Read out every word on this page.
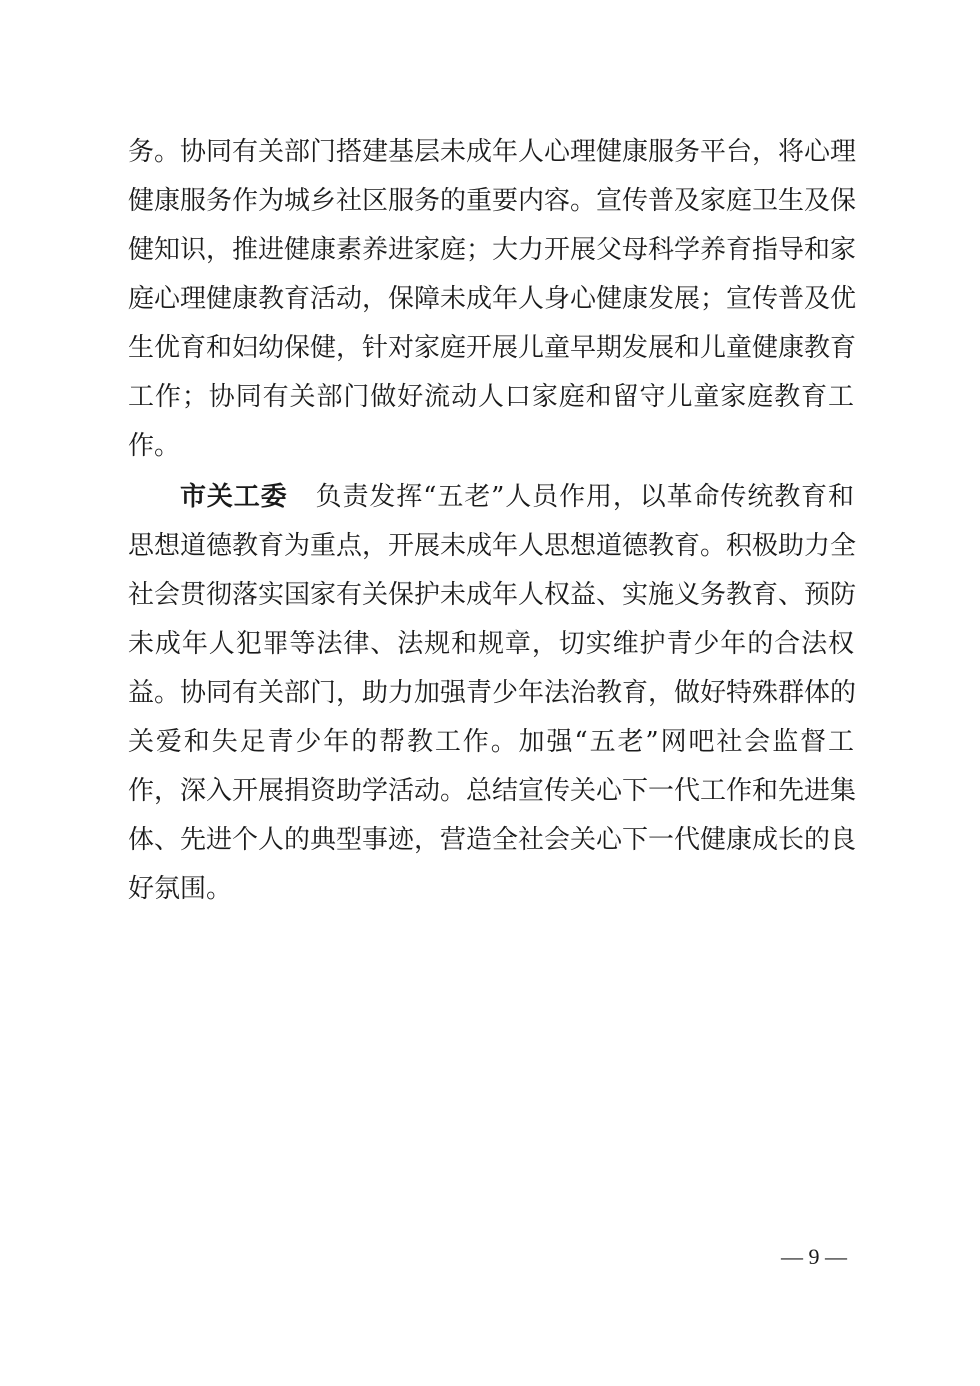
务。协同有关部门搭建基层未成年人心理健康服务平台，将心理
健康服务作为城乡社区服务的重要内容。宣传普及家庭卫生及保
健知识，推进健康素养进家庭；大力开展父母科学养育指导和家
庭心理健康教育活动，保障未成年人身心健康发展；宣传普及优
生优育和妇幼保健，针对家庭开展儿童早期发展和儿童健康教育
工作；协同有关部门做好流动人口家庭和留守儿童家庭教育工
作。
市关工委 负责发挥“五老”人员作用，以革命传统教育和
思想道德教育为重点，开展未成年人思想道德教育。积极助力全
社会贯彻落实国家有关保护未成年人权益、实施义务教育、预防
未成年人犯罪等法律、法规和规章，切实维护青少年的合法权
益。协同有关部门，助力加强青少年法治教育，做好特殊群体的
关爱和失足青少年的帮教工作。加强“五老”网吧社会监督工
作，深入开展捐资助学活动。总结宣传关心下一代工作和先进集
体、先进个人的典型事迹，营造全社会关心下一代健康成长的良
好氛围。
— 9 —
